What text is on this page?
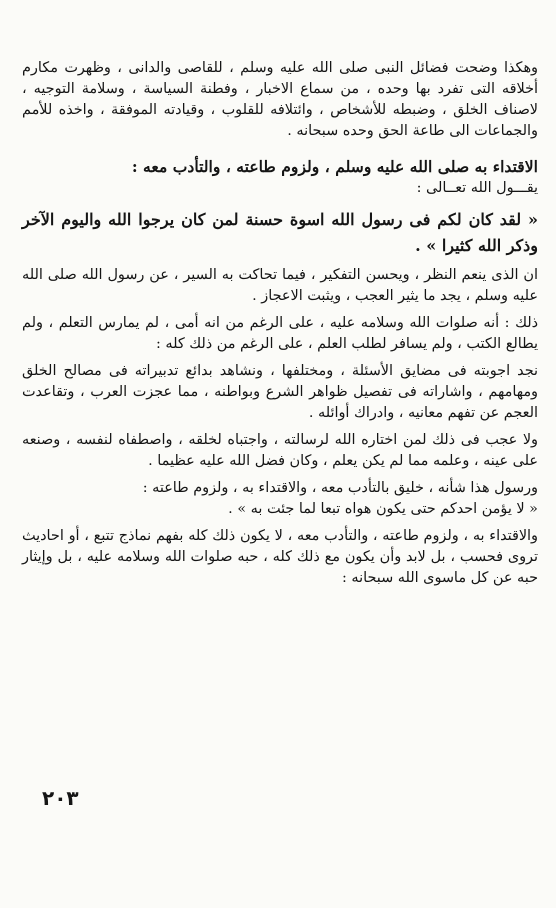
وهكذا وضحت فضائل النبى صلى الله عليه وسلم ، للقاصى والدانى ، وظهرت مكارم أخلاقه التى تفرد بها وحده ، من سماع الاخبار ، وفطنة السياسة ، وسلامة التوجيه ، لاصناف الخلق ، وضبطه للأشخاص ، وائتلافه للقلوب ، وقيادته الموفقة ، واخذه للأمم والجماعات الى طاعة الحق وحده سبحانه .

الاقتداء به صلى الله عليه وسلم ، ولزوم طاعته ، والتأدب معه :

يقـــول الله تعــالى :

« لقد كان لكم فى رسول الله اسوة حسنة لمن كان يرجوا الله واليوم الآخر وذكر الله كثيرا » .

ان الذى ينعم النظر ، ويحسن التفكير ، فيما تحاكت به السير ، عن رسول الله صلى الله عليه وسلم ، يجد ما يثير العجب ، ويثبت الاعجاز .

ذلك : أنه صلوات الله وسلامه عليه ، على الرغم من انه أمى ، لم يمارس التعلم ، ولم يطالع الكتب ، ولم يسافر لطلب العلم ، على الرغم من ذلك كله :

نجد اجوبته فى مضايق الأسئلة ، ومختلفها ، ونشاهد بدائع تدبيراته فى مصالح الخلق ومهامهم ، واشاراته فى تفصيل ظواهر الشرع وبواطنه ، مما عجزت العرب ، وتقاعدت العجم عن تفهم معانيه ، وادراك أوائله .

ولا عجب فى ذلك لمن اختاره الله لرسالته ، واجتباه لخلقه ، واصطفاه لنفسه ، وصنعه على عينه ، وعلمه مما لم يكن يعلم ، وكان فضل الله عليه عظيما .

ورسول هذا شأنه ، خليق بالتأدب معه ، والاقتداء به ، ولزوم طاعته :

« لا يؤمن احدكم حتى يكون هواه تبعا لما جئت به » .

والاقتداء به ، ولزوم طاعته ، والتأدب معه ، لا يكون ذلك كله بفهم نماذج تتبع ، أو احاديث تروى فحسب ، بل لابد وأن يكون مع ذلك كله ، حبه صلوات الله وسلامه عليه ، بل وإيثار حبه عن كل ماسوى الله سبحانه :

٢٠٣
